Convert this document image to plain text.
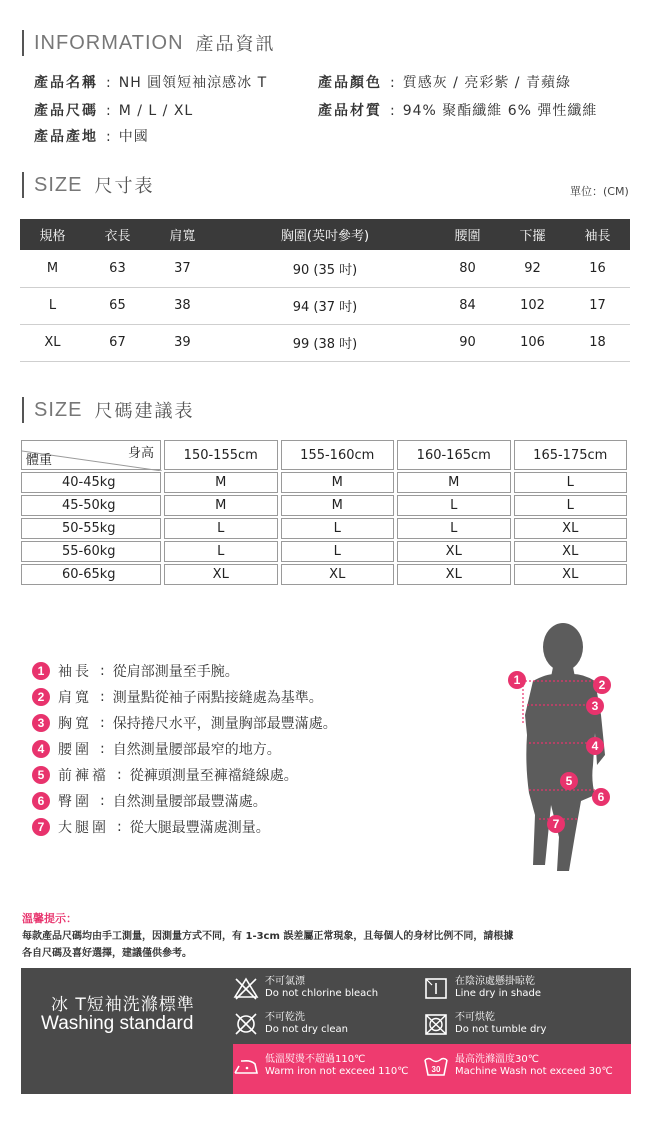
INFORMATION 產品資訊
產品名稱 : NH 圓領短袖涼感冰 T	產品顏色 : 質感灰 / 亮彩紫 / 青蘋綠
產品尺碼 : M / L / XL	產品材質 : 94% 聚酯纖維 6% 彈性纖維
產品產地 : 中國
SIZE 尺寸表	單位：(CM)
規格	衣長	肩寬	胸圍(英吋參考)	腰圍	下擺	袖長
M	63	37	90 (35 吋)	80	92	16
L	65	38	94 (37 吋)	84	102	17
XL	67	39	99 (38 吋)	90	106	18
SIZE 尺碼建議表
身高
體重	150-155cm	155-160cm	160-165cm	165-175cm
40-45kg	M	M	M	L
45-50kg	M	M	L	L
50-55kg	L	L	L	XL
55-60kg	L	L	XL	XL
60-65kg	XL	XL	XL	XL
1 袖長 : 從肩部測量至手腕。
2 肩寬 : 測量點從袖子兩點接縫處為基準。
3 胸寬 : 保持捲尺水平，測量胸部最豐滿處。
4 腰圍 : 自然測量腰部最窄的地方。
5 前褲襠 : 從褲頭測量至褲襠縫線處。
6 臀圍 : 自然測量腰部最豐滿處。
7 大腿圍 : 從大腿最豐滿處測量。
1	2
3
4
5
6
7
溫馨提示：
每款產品尺碼均由手工測量，因測量方式不同，有 1-3cm 誤差屬正常現象，且每個人的身材比例不同，請根據
各自尺碼及喜好選擇，建議僅供參考。
冰 T短袖洗滌標準
Washing standard
不可氯漂
Do not chlorine bleach
在陰涼處懸掛晾乾
Line dry in shade
不可乾洗
Do not dry clean
不可烘乾
Do not tumble dry
低溫熨燙不超過110℃
Warm iron not exceed 110℃	30
最高洗滌溫度30℃
Machine Wash not exceed 30℃
